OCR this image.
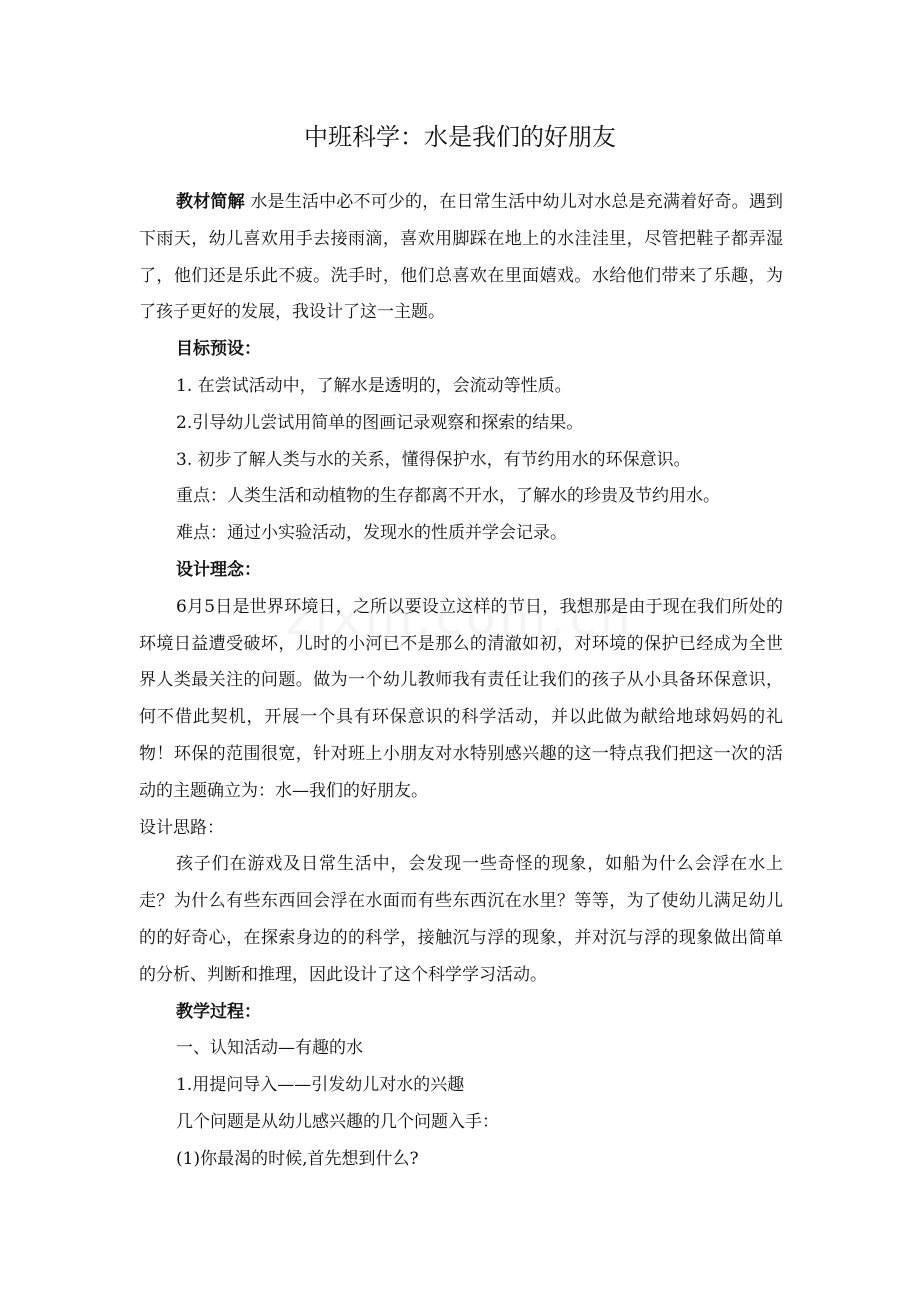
中班科学：水是我们的好朋友

教材简解 水是生活中必不可少的，在日常生活中幼儿对水总是充满着好奇。遇到下雨天，幼儿喜欢用手去接雨滴，喜欢用脚踩在地上的水洼洼里，尽管把鞋子都弄湿了，他们还是乐此不疲。洗手时，他们总喜欢在里面嬉戏。水给他们带来了乐趣，为了孩子更好的发展，我设计了这一主题。

目标预设：

1. 在尝试活动中，了解水是透明的，会流动等性质。

2.引导幼儿尝试用简单的图画记录观察和探索的结果。

3. 初步了解人类与水的关系，懂得保护水，有节约用水的环保意识。

重点：人类生活和动植物的生存都离不开水，了解水的珍贵及节约用水。

难点：通过小实验活动，发现水的性质并学会记录。

设计理念：

6月5日是世界环境日，之所以要设立这样的节日，我想那是由于现在我们所处的环境日益遭受破坏，儿时的小河已不是那么的清澈如初，对环境的保护已经成为全世界人类最关注的问题。做为一个幼儿教师我有责任让我们的孩子从小具备环保意识，何不借此契机，开展一个具有环保意识的科学活动，并以此做为献给地球妈妈的礼物！环保的范围很宽，针对班上小朋友对水特别感兴趣的这一特点我们把这一次的活动的主题确立为：水—我们的好朋友。

设计思路：

孩子们在游戏及日常生活中，会发现一些奇怪的现象，如船为什么会浮在水上走？为什么有些东西回会浮在水面而有些东西沉在水里？等等，为了使幼儿满足幼儿的的好奇心，在探索身边的的科学，接触沉与浮的现象，并对沉与浮的现象做出简单的分析、判断和推理，因此设计了这个科学学习活动。

教学过程：

一、认知活动—有趣的水

1.用提问导入——引发幼儿对水的兴趣

几个问题是从幼儿感兴趣的几个问题入手：

(1)你最渴的时候,首先想到什么?
